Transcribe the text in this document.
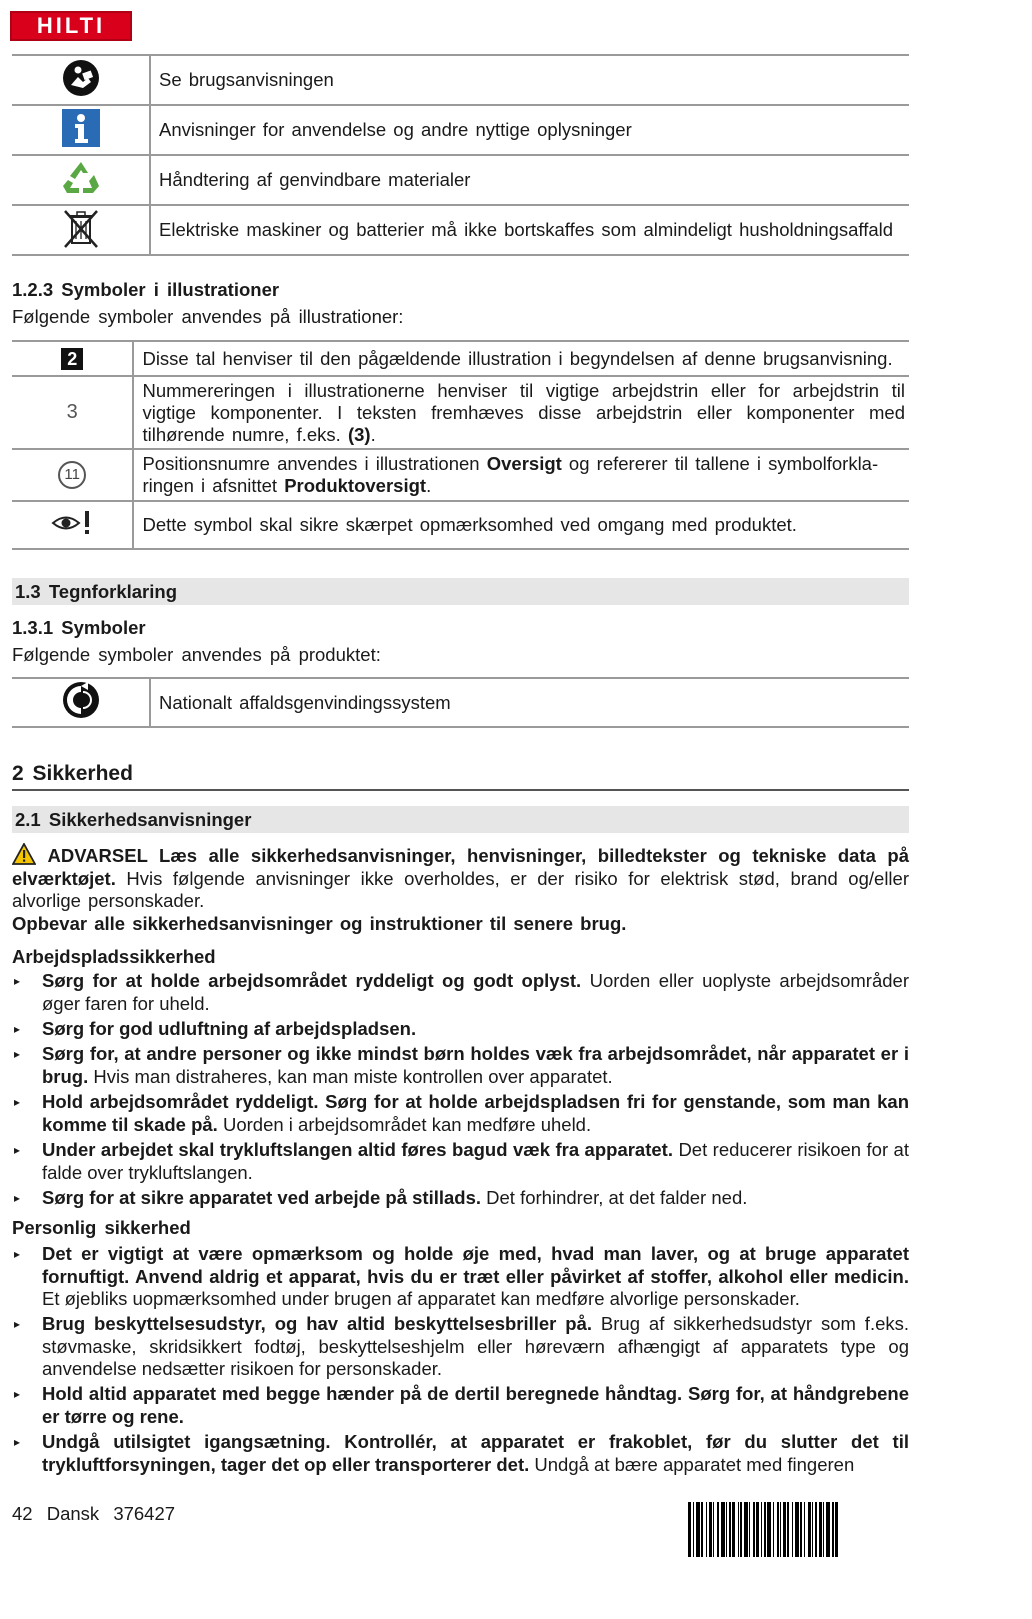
HILTI
	Se brugsanvisningen
	Anvisninger for anvendelse og andre nyttige oplysninger
	Håndtering af genvindbare materialer
	Elektriske maskiner og batterier må ikke bortskaffes som almindeligt husholdningsaffald
1.2.3 Symboler i illustrationer
Følgende symboler anvendes på illustrationer:
2	Disse tal henviser til den pågældende illustration i begyndelsen af denne brugsanvisning.
3	Nummereringen i illustrationerne henviser til vigtige arbejdstrin eller for arbejdstrin til vigtige komponenter. I teksten fremhæves disse arbejdstrin eller komponenter med tilhørende numre, f.eks. (3).
11	Positionsnumre anvendes i illustrationen Oversigt og refererer til tallene i symbolforkla-ringen i afsnittet Produktoversigt.
	Dette symbol skal sikre skærpet opmærksomhed ved omgang med produktet.
1.3 Tegnforklaring
1.3.1 Symboler
Følgende symboler anvendes på produktet:
	Nationalt affaldsgenvindingssystem
2 Sikkerhed
2.1 Sikkerhedsanvisninger
ADVARSEL Læs alle sikkerhedsanvisninger, henvisninger, billedtekster og tekniske data på elværktøjet. Hvis følgende anvisninger ikke overholdes, er der risiko for elektrisk stød, brand og/eller alvorlige personskader.
Opbevar alle sikkerhedsanvisninger og instruktioner til senere brug.
Arbejdspladssikkerhed
▸ Sørg for at holde arbejdsområdet ryddeligt og godt oplyst. Uorden eller uoplyste arbejdsområder øger faren for uheld.
▸ Sørg for god udluftning af arbejdspladsen.
▸ Sørg for, at andre personer og ikke mindst børn holdes væk fra arbejdsområdet, når apparatet er i brug. Hvis man distraheres, kan man miste kontrollen over apparatet.
▸ Hold arbejdsområdet ryddeligt. Sørg for at holde arbejdspladsen fri for genstande, som man kan komme til skade på. Uorden i arbejdsområdet kan medføre uheld.
▸ Under arbejdet skal trykluftslangen altid føres bagud væk fra apparatet. Det reducerer risikoen for at falde over trykluftslangen.
▸ Sørg for at sikre apparatet ved arbejde på stillads. Det forhindrer, at det falder ned.
Personlig sikkerhed
▸ Det er vigtigt at være opmærksom og holde øje med, hvad man laver, og at bruge apparatet fornuftigt. Anvend aldrig et apparat, hvis du er træt eller påvirket af stoffer, alkohol eller medicin. Et øjebliks uopmærksomhed under brugen af apparatet kan medføre alvorlige personskader.
▸ Brug beskyttelsesudstyr, og hav altid beskyttelsesbriller på. Brug af sikkerhedsudstyr som f.eks. støvmaske, skridsikkert fodtøj, beskyttelseshjelm eller høreværn afhængigt af apparatets type og anvendelse nedsætter risikoen for personskader.
▸ Hold altid apparatet med begge hænder på de dertil beregnede håndtag. Sørg for, at håndgrebene er tørre og rene.
▸ Undgå utilsigtet igangsætning. Kontrollér, at apparatet er frakoblet, før du slutter det til trykluftforsyningen, tager det op eller transporterer det. Undgå at bære apparatet med fingeren
42 Dansk 376427
